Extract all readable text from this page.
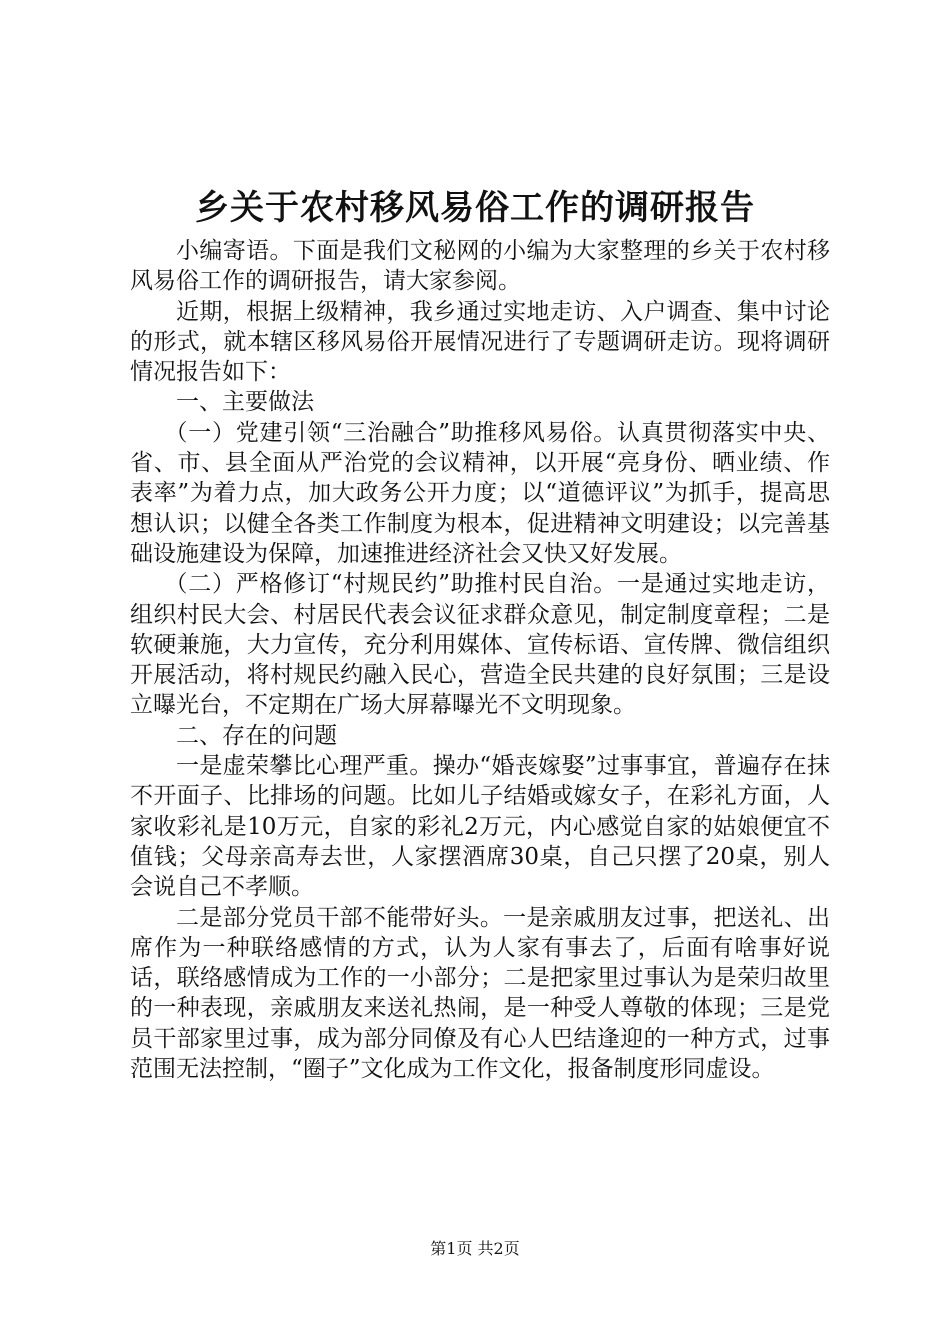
乡关于农村移风易俗工作的调研报告

小编寄语。下面是我们文秘网的小编为大家整理的乡关于农村移风易俗工作的调研报告，请大家参阅。

近期，根据上级精神，我乡通过实地走访、入户调查、集中讨论的形式，就本辖区移风易俗开展情况进行了专题调研走访。现将调研情况报告如下：

一、主要做法

（一）党建引领“三治融合”助推移风易俗。认真贯彻落实中央、省、市、县全面从严治党的会议精神，以开展“亮身份、晒业绩、作表率”为着力点，加大政务公开力度；以“道德评议”为抓手，提高思想认识；以健全各类工作制度为根本，促进精神文明建设；以完善基础设施建设为保障，加速推进经济社会又快又好发展。

（二）严格修订“村规民约”助推村民自治。一是通过实地走访，组织村民大会、村居民代表会议征求群众意见，制定制度章程；二是软硬兼施，大力宣传，充分利用媒体、宣传标语、宣传牌、微信组织开展活动，将村规民约融入民心，营造全民共建的良好氛围；三是设立曝光台，不定期在广场大屏幕曝光不文明现象。

二、存在的问题

一是虚荣攀比心理严重。操办“婚丧嫁娶”过事事宜，普遍存在抹不开面子、比排场的问题。比如儿子结婚或嫁女子，在彩礼方面，人家收彩礼是10万元，自家的彩礼2万元，内心感觉自家的姑娘便宜不值钱；父母亲高寿去世，人家摆酒席30桌，自己只摆了20桌，别人会说自己不孝顺。

二是部分党员干部不能带好头。一是亲戚朋友过事，把送礼、出席作为一种联络感情的方式，认为人家有事去了，后面有啥事好说话，联络感情成为工作的一小部分；二是把家里过事认为是荣归故里的一种表现，亲戚朋友来送礼热闹，是一种受人尊敬的体现；三是党员干部家里过事，成为部分同僚及有心人巴结逢迎的一种方式，过事范围无法控制，“圈子”文化成为工作文化，报备制度形同虚设。

第1页 共2页
